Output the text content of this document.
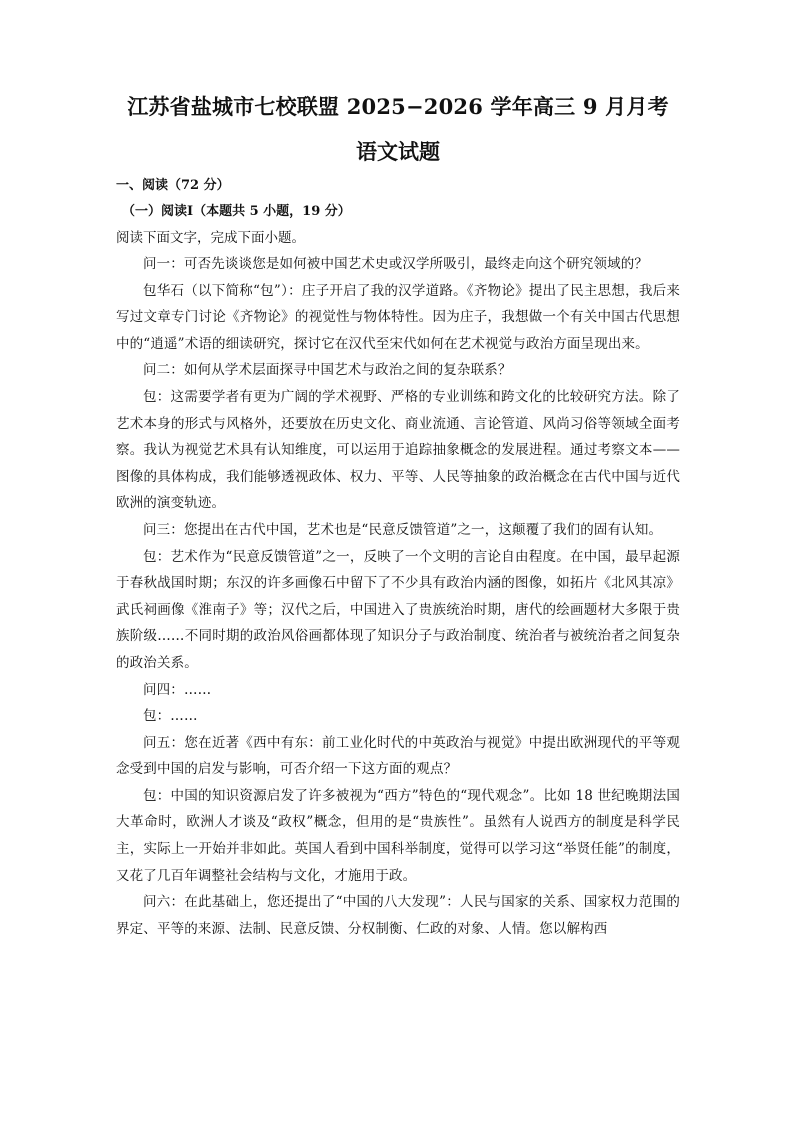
江苏省盐城市七校联盟 2025−2026 学年高三 9 月月考
语文试题

一、阅读（72 分）

（一）阅读Ⅰ（本题共 5 小题，19 分）

阅读下面文字，完成下面小题。

问一：可否先谈谈您是如何被中国艺术史或汉学所吸引，最终走向这个研究领域的？

包华石（以下简称“包”）：庄子开启了我的汉学道路。《齐物论》提出了民主思想，我后来写过文章专门讨论《齐物论》的视觉性与物体特性。因为庄子，我想做一个有关中国古代思想中的“逍遥”术语的细读研究，探讨它在汉代至宋代如何在艺术视觉与政治方面呈现出来。

问二：如何从学术层面探寻中国艺术与政治之间的复杂联系？

包：这需要学者有更为广阔的学术视野、严格的专业训练和跨文化的比较研究方法。除了艺术本身的形式与风格外，还要放在历史文化、商业流通、言论管道、风尚习俗等领域全面考察。我认为视觉艺术具有认知维度，可以运用于追踪抽象概念的发展进程。通过考察文本——图像的具体构成，我们能够透视政体、权力、平等、人民等抽象的政治概念在古代中国与近代欧洲的演变轨迹。

问三：您提出在古代中国，艺术也是“民意反馈管道”之一，这颠覆了我们的固有认知。

包：艺术作为“民意反馈管道”之一，反映了一个文明的言论自由程度。在中国，最早起源于春秋战国时期；东汉的许多画像石中留下了不少具有政治内涵的图像，如拓片《北风其凉》 武氏祠画像《淮南子》等；汉代之后，中国进入了贵族统治时期，唐代的绘画题材大多限于贵族阶级……不同时期的政治风俗画都体现了知识分子与政治制度、统治者与被统治者之间复杂的政治关系。

问四：……

包：……

问五：您在近著《西中有东：前工业化时代的中英政治与视觉》中提出欧洲现代的平等观念受到中国的启发与影响，可否介绍一下这方面的观点？

包：中国的知识资源启发了许多被视为“西方”特色的“现代观念”。比如 18 世纪晚期法国大革命时，欧洲人才谈及“政权”概念，但用的是“贵族性”。虽然有人说西方的制度是科学民主，实际上一开始并非如此。英国人看到中国科举制度，觉得可以学习这“举贤任能”的制度，又花了几百年调整社会结构与文化，才施用于政。

问六：在此基础上，您还提出了“中国的八大发现”：人民与国家的关系、国家权力范围的界定、平等的来源、法制、民意反馈、分权制衡、仁政的对象、人情。您以解构西
